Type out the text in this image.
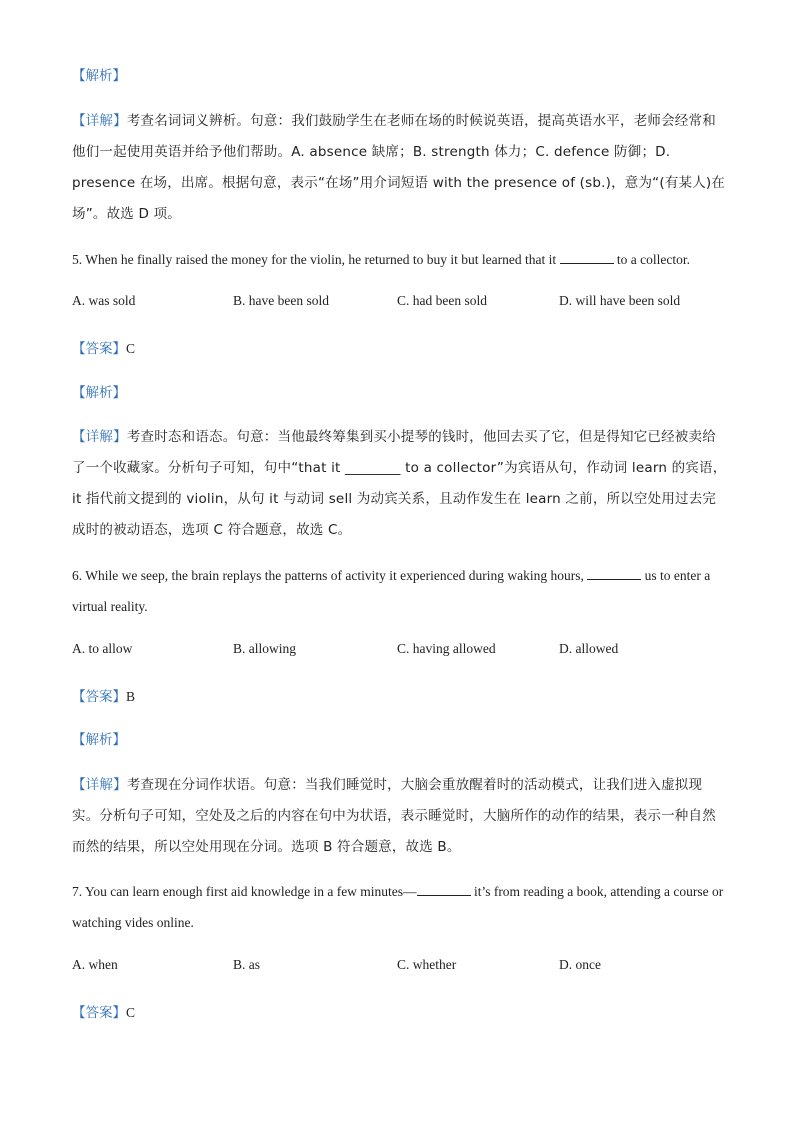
【解析】

【详解】考查名词词义辨析。句意：我们鼓励学生在老师在场的时候说英语，提高英语水平，老师会经常和他们一起使用英语并给予他们帮助。A. absence 缺席；B. strength 体力；C. defence 防御；D. presence 在场，出席。根据句意，表示“在场”用介词短语 with the presence of (sb.)，意为“(有某人)在场”。故选 D 项。

5. When he finally raised the money for the violin, he returned to buy it but learned that it	to a collector.

A. was sold	B. have been sold	C. had been sold	D. will have been sold

【答案】C

【解析】

【详解】考查时态和语态。句意：当他最终筹集到买小提琴的钱时，他回去买了它，但是得知它已经被卖给了一个收藏家。分析句子可知，句中“that it ________ to a collector”为宾语从句，作动词 learn 的宾语，it 指代前文提到的 violin，从句 it 与动词 sell 为动宾关系，且动作发生在 learn 之前，所以空处用过去完成时的被动语态，选项 C 符合题意，故选 C。

6. While we seep, the brain replays the patterns of activity it experienced during waking hours,	us to enter a virtual reality.

A. to allow	B. allowing	C. having allowed	D. allowed

【答案】B

【解析】

【详解】考查现在分词作状语。句意：当我们睡觉时，大脑会重放醒着时的活动模式，让我们进入虚拟现实。分析句子可知，空处及之后的内容在句中为状语，表示睡觉时，大脑所作的动作的结果，表示一种自然而然的结果，所以空处用现在分词。选项 B 符合题意，故选 B。

7. You can learn enough first aid knowledge in a few minutes—	it’s from reading a book, attending a course or watching vides online.

A. when	B. as	C. whether	D. once

【答案】C
